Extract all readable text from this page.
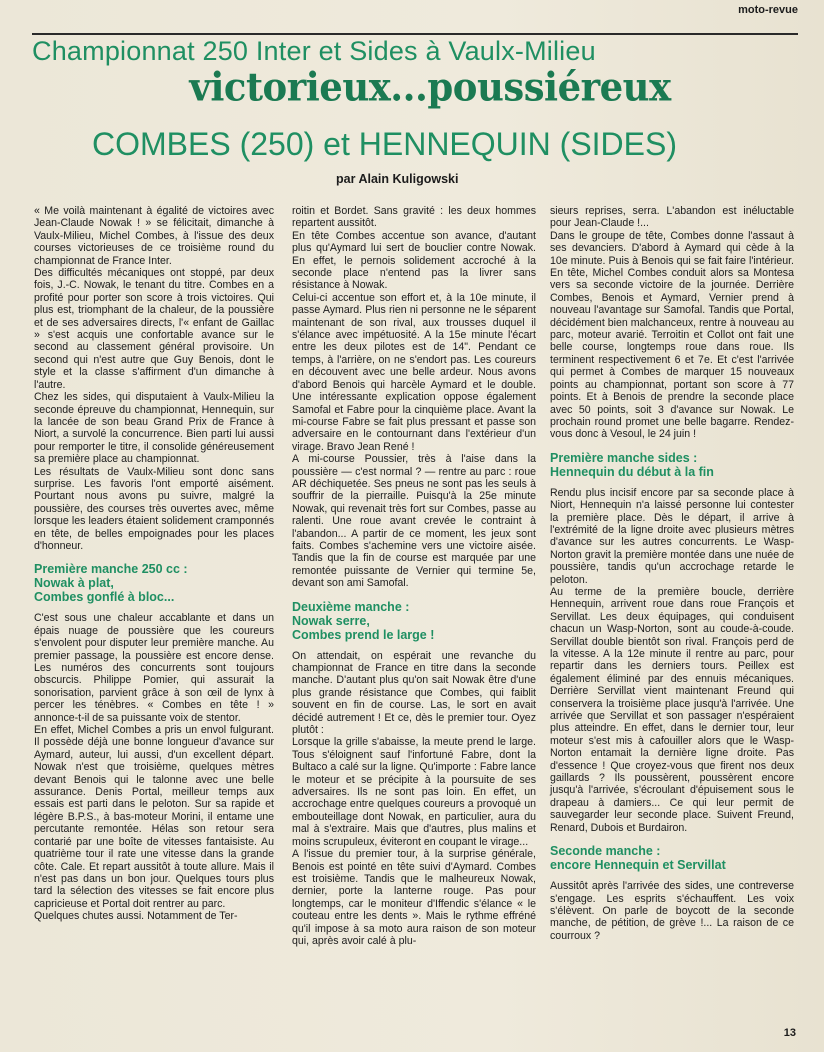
moto-revue
Championnat 250 Inter et Sides à Vaulx-Milieu
victorieux...poussiéreux
COMBES (250) et HENNEQUIN (SIDES)
par Alain Kuligowski

« Me voilà maintenant à égalité de victoires avec Jean-Claude Nowak ! » se félicitait, dimanche à Vaulx-Milieu, Michel Combes, à l'issue des deux courses victorieuses de ce troisième round du championnat de France Inter.

Des difficultés mécaniques ont stoppé, par deux fois, J.-C. Nowak, le tenant du titre. Combes en a profité pour porter son score à trois victoires. Qui plus est, triomphant de la chaleur, de la poussière et de ses adversaires directs, l'« enfant de Gaillac » s'est acquis une confortable avance sur le second au classement général provisoire. Un second qui n'est autre que Guy Benois, dont le style et la classe s'affirment d'un dimanche à l'autre.

Chez les sides, qui disputaient à Vaulx-Milieu la seconde épreuve du championnat, Hennequin, sur la lancée de son beau Grand Prix de France à Niort, a survolé la concurrence. Bien parti lui aussi pour remporter le titre, il consolide généreusement sa première place au championnat.

Les résultats de Vaulx-Milieu sont donc sans surprise. Les favoris l'ont emporté aisément. Pourtant nous avons pu suivre, malgré la poussière, des courses très ouvertes avec, même lorsque les leaders étaient solidement cramponnés en tête, de belles empoignades pour les places d'honneur.

Première manche 250 cc :
Nowak à plat,
Combes gonflé à bloc...

C'est sous une chaleur accablante et dans un épais nuage de poussière que les coureurs s'envolent pour disputer leur première manche. Au premier passage, la poussière est encore dense. Les numéros des concurrents sont toujours obscurcis. Philippe Pomier, qui assurait la sonorisation, parvient grâce à son œil de lynx à percer les ténèbres. « Combes en tête ! » annonce-t-il de sa puissante voix de stentor.

En effet, Michel Combes a pris un envol fulgurant. Il possède déjà une bonne longueur d'avance sur Aymard, auteur, lui aussi, d'un excellent départ. Nowak n'est que troisième, quelques mètres devant Benois qui le talonne avec une belle assurance. Denis Portal, meilleur temps aux essais est parti dans le peloton. Sur sa rapide et légère B.P.S., à bas-moteur Morini, il entame une percutante remontée. Hélas son retour sera contarié par une boîte de vitesses fantaisiste. Au quatrième tour il rate une vitesse dans la grande côte. Cale. Et repart aussitôt à toute allure. Mais il n'est pas dans un bon jour. Quelques tours plus tard la sélection des vitesses se fait encore plus capricieuse et Portal doit rentrer au parc.

Quelques chutes aussi. Notamment de Ter-

roitin et Bordet. Sans gravité : les deux hommes repartent aussitôt.

En tête Combes accentue son avance, d'autant plus qu'Aymard lui sert de bouclier contre Nowak. En effet, le pernois solidement accroché à la seconde place n'entend pas la livrer sans résistance à Nowak.

Celui-ci accentue son effort et, à la 10e minute, il passe Aymard. Plus rien ni personne ne le séparent maintenant de son rival, aux trousses duquel il s'élance avec impétuosité. A la 15e minute l'écart entre les deux pilotes est de 14". Pendant ce temps, à l'arrière, on ne s'endort pas. Les coureurs en découvent avec une belle ardeur. Nous avons d'abord Benois qui harcèle Aymard et le double. Une intéressante explication oppose également Samofal et Fabre pour la cinquième place. Avant la mi-course Fabre se fait plus pressant et passe son adversaire en le contournant dans l'extérieur d'un virage. Bravo Jean René !

A mi-course Poussier, très à l'aise dans la poussière — c'est normal ? — rentre au parc : roue AR déchiquetée. Ses pneus ne sont pas les seuls à souffrir de la pierraille. Puisqu'à la 25e minute Nowak, qui revenait très fort sur Combes, passe au ralenti. Une roue avant crevée le contraint à l'abandon... A partir de ce moment, les jeux sont faits. Combes s'achemine vers une victoire aisée. Tandis que la fin de course est marquée par une remontée puissante de Vernier qui termine 5e, devant son ami Samofal.

Deuxième manche :
Nowak serre,
Combes prend le large !

On attendait, on espérait une revanche du championnat de France en titre dans la seconde manche. D'autant plus qu'on sait Nowak être d'une plus grande résistance que Combes, qui faiblit souvent en fin de course. Las, le sort en avait décidé autrement ! Et ce, dès le premier tour. Oyez plutôt :

Lorsque la grille s'abaisse, la meute prend le large. Tous s'éloignent sauf l'infortuné Fabre, dont la Bultaco a calé sur la ligne. Qu'importe : Fabre lance le moteur et se précipite à la poursuite de ses adversaires. Ils ne sont pas loin. En effet, un accrochage entre quelques coureurs a provoqué un embouteillage dont Nowak, en particulier, aura du mal à s'extraire. Mais que d'autres, plus malins et moins scrupuleux, éviteront en coupant le virage...

A l'issue du premier tour, à la surprise générale, Benois est pointé en tête suivi d'Aymard. Combes est troisième. Tandis que le malheureux Nowak, dernier, porte la lanterne rouge. Pas pour longtemps, car le moniteur d'Iffendic s'élance « le couteau entre les dents ». Mais le rythme effréné qu'il impose à sa moto aura raison de son moteur qui, après avoir calé à plu-

sieurs reprises, serra. L'abandon est inéluctable pour Jean-Claude !...

Dans le groupe de tête, Combes donne l'assaut à ses devanciers. D'abord à Aymard qui cède à la 10e minute. Puis à Benois qui se fait faire l'intérieur. En tête, Michel Combes conduit alors sa Montesa vers sa seconde victoire de la journée. Derrière Combes, Benois et Aymard, Vernier prend à nouveau l'avantage sur Samofal. Tandis que Portal, décidément bien malchanceux, rentre à nouveau au parc, moteur avarié. Terroitin et Collot ont fait une belle course, longtemps roue dans roue. Ils terminent respectivement 6 et 7e. Et c'est l'arrivée qui permet à Combes de marquer 15 nouveaux points au championnat, portant son score à 77 points. Et à Benois de prendre la seconde place avec 50 points, soit 3 d'avance sur Nowak. Le prochain round promet une belle bagarre. Rendez-vous donc à Vesoul, le 24 juin !

Première manche sides :
Hennequin du début à la fin

Rendu plus incisif encore par sa seconde place à Niort, Hennequin n'a laissé personne lui contester la première place. Dès le départ, il arrive à l'extrémité de la ligne droite avec plusieurs mètres d'avance sur les autres concurrents. Le Wasp-Norton gravit la première montée dans une nuée de poussière, tandis qu'un accrochage retarde le peloton.

Au terme de la première boucle, derrière Hennequin, arrivent roue dans roue François et Servillat. Les deux équipages, qui conduisent chacun un Wasp-Norton, sont au coude-à-coude. Servillat double bientôt son rival. François perd de la vitesse. A la 12e minute il rentre au parc, pour repartir dans les derniers tours. Peillex est également éliminé par des ennuis mécaniques. Derrière Servillat vient maintenant Freund qui conservera la troisième place jusqu'à l'arrivée. Une arrivée que Servillat et son passager n'espéraient plus atteindre. En effet, dans le dernier tour, leur moteur s'est mis à cafouiller alors que le Wasp-Norton entamait la dernière ligne droite. Pas d'essence ! Que croyez-vous que firent nos deux gaillards ? Ils poussèrent, poussèrent encore jusqu'à l'arrivée, s'écroulant d'épuisement sous le drapeau à damiers... Ce qui leur permit de sauvegarder leur seconde place. Suivent Freund, Renard, Dubois et Burdairon.

Seconde manche :
encore Hennequin et Servillat

Aussitôt après l'arrivée des sides, une contreverse s'engage. Les esprits s'échauffent. Les voix s'élèvent. On parle de boycott de la seconde manche, de pétition, de grève !... La raison de ce courroux ?

13
